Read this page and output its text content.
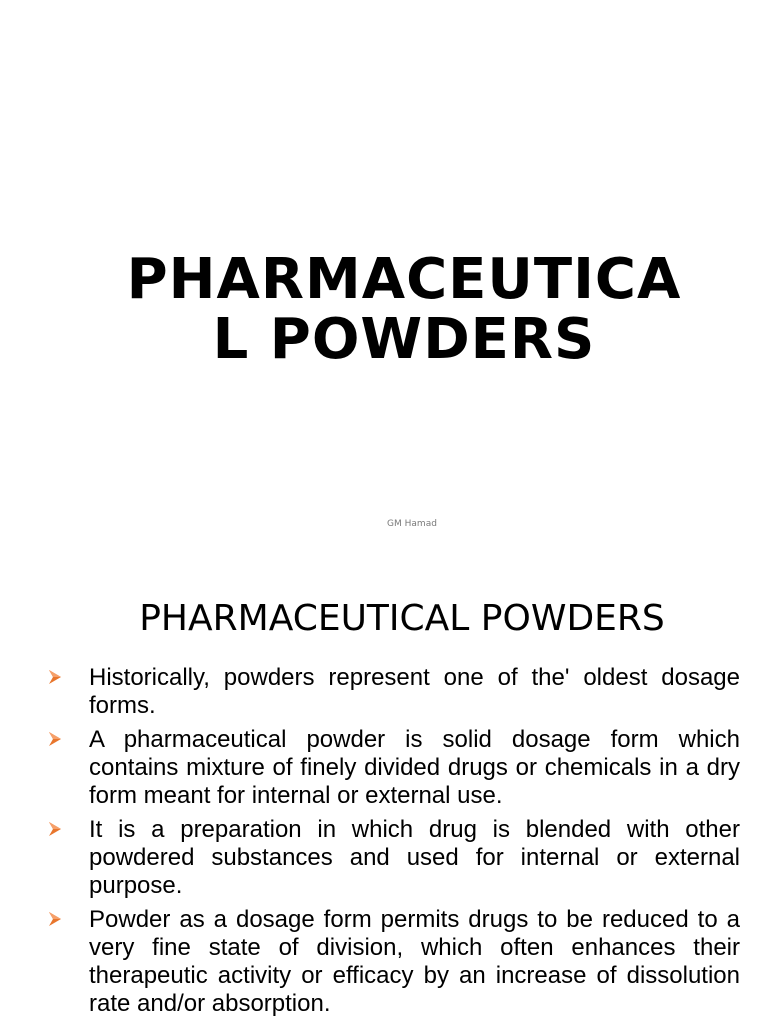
PHARMACEUTICA
L POWDERS
GM Hamad
PHARMACEUTICAL POWDERS
Historically, powders represent one of the' oldest dosage forms.
A pharmaceutical powder is solid dosage form which contains mixture of finely divided drugs or chemicals in a dry form meant for internal or external use.
It is a preparation in which drug is blended with other powdered substances and used for internal or external purpose.
Powder as a dosage form permits drugs to be reduced to a very fine state of division, which often enhances their therapeutic activity or efficacy by an increase of dissolution rate and/or absorption.
